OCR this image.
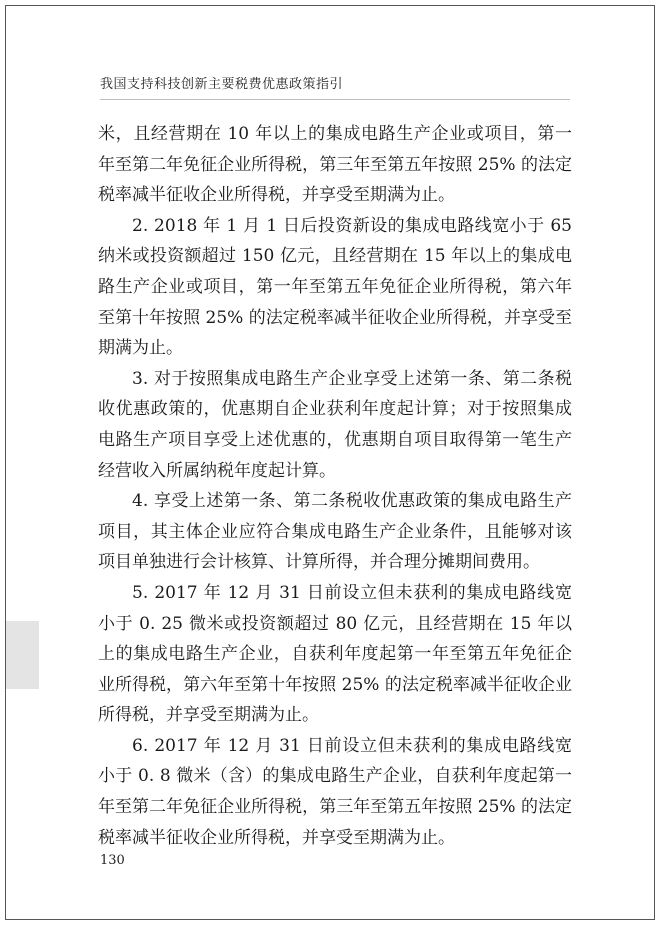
我国支持科技创新主要税费优惠政策指引

米，且经营期在 10 年以上的集成电路生产企业或项目，第一年至第二年免征企业所得税，第三年至第五年按照 25% 的法定税率减半征收企业所得税，并享受至期满为止。

2. 2018 年 1 月 1 日后投资新设的集成电路线宽小于 65 纳米或投资额超过 150 亿元，且经营期在 15 年以上的集成电路生产企业或项目，第一年至第五年免征企业所得税，第六年至第十年按照 25% 的法定税率减半征收企业所得税，并享受至期满为止。

3. 对于按照集成电路生产企业享受上述第一条、第二条税收优惠政策的，优惠期自企业获利年度起计算；对于按照集成电路生产项目享受上述优惠的，优惠期自项目取得第一笔生产经营收入所属纳税年度起计算。

4. 享受上述第一条、第二条税收优惠政策的集成电路生产项目，其主体企业应符合集成电路生产企业条件，且能够对该项目单独进行会计核算、计算所得，并合理分摊期间费用。

5. 2017 年 12 月 31 日前设立但未获利的集成电路线宽小于 0. 25 微米或投资额超过 80 亿元，且经营期在 15 年以上的集成电路生产企业，自获利年度起第一年至第五年免征企业所得税，第六年至第十年按照 25% 的法定税率减半征收企业所得税，并享受至期满为止。

6. 2017 年 12 月 31 日前设立但未获利的集成电路线宽小于 0. 8 微米（含）的集成电路生产企业，自获利年度起第一年至第二年免征企业所得税，第三年至第五年按照 25% 的法定税率减半征收企业所得税，并享受至期满为止。

130
